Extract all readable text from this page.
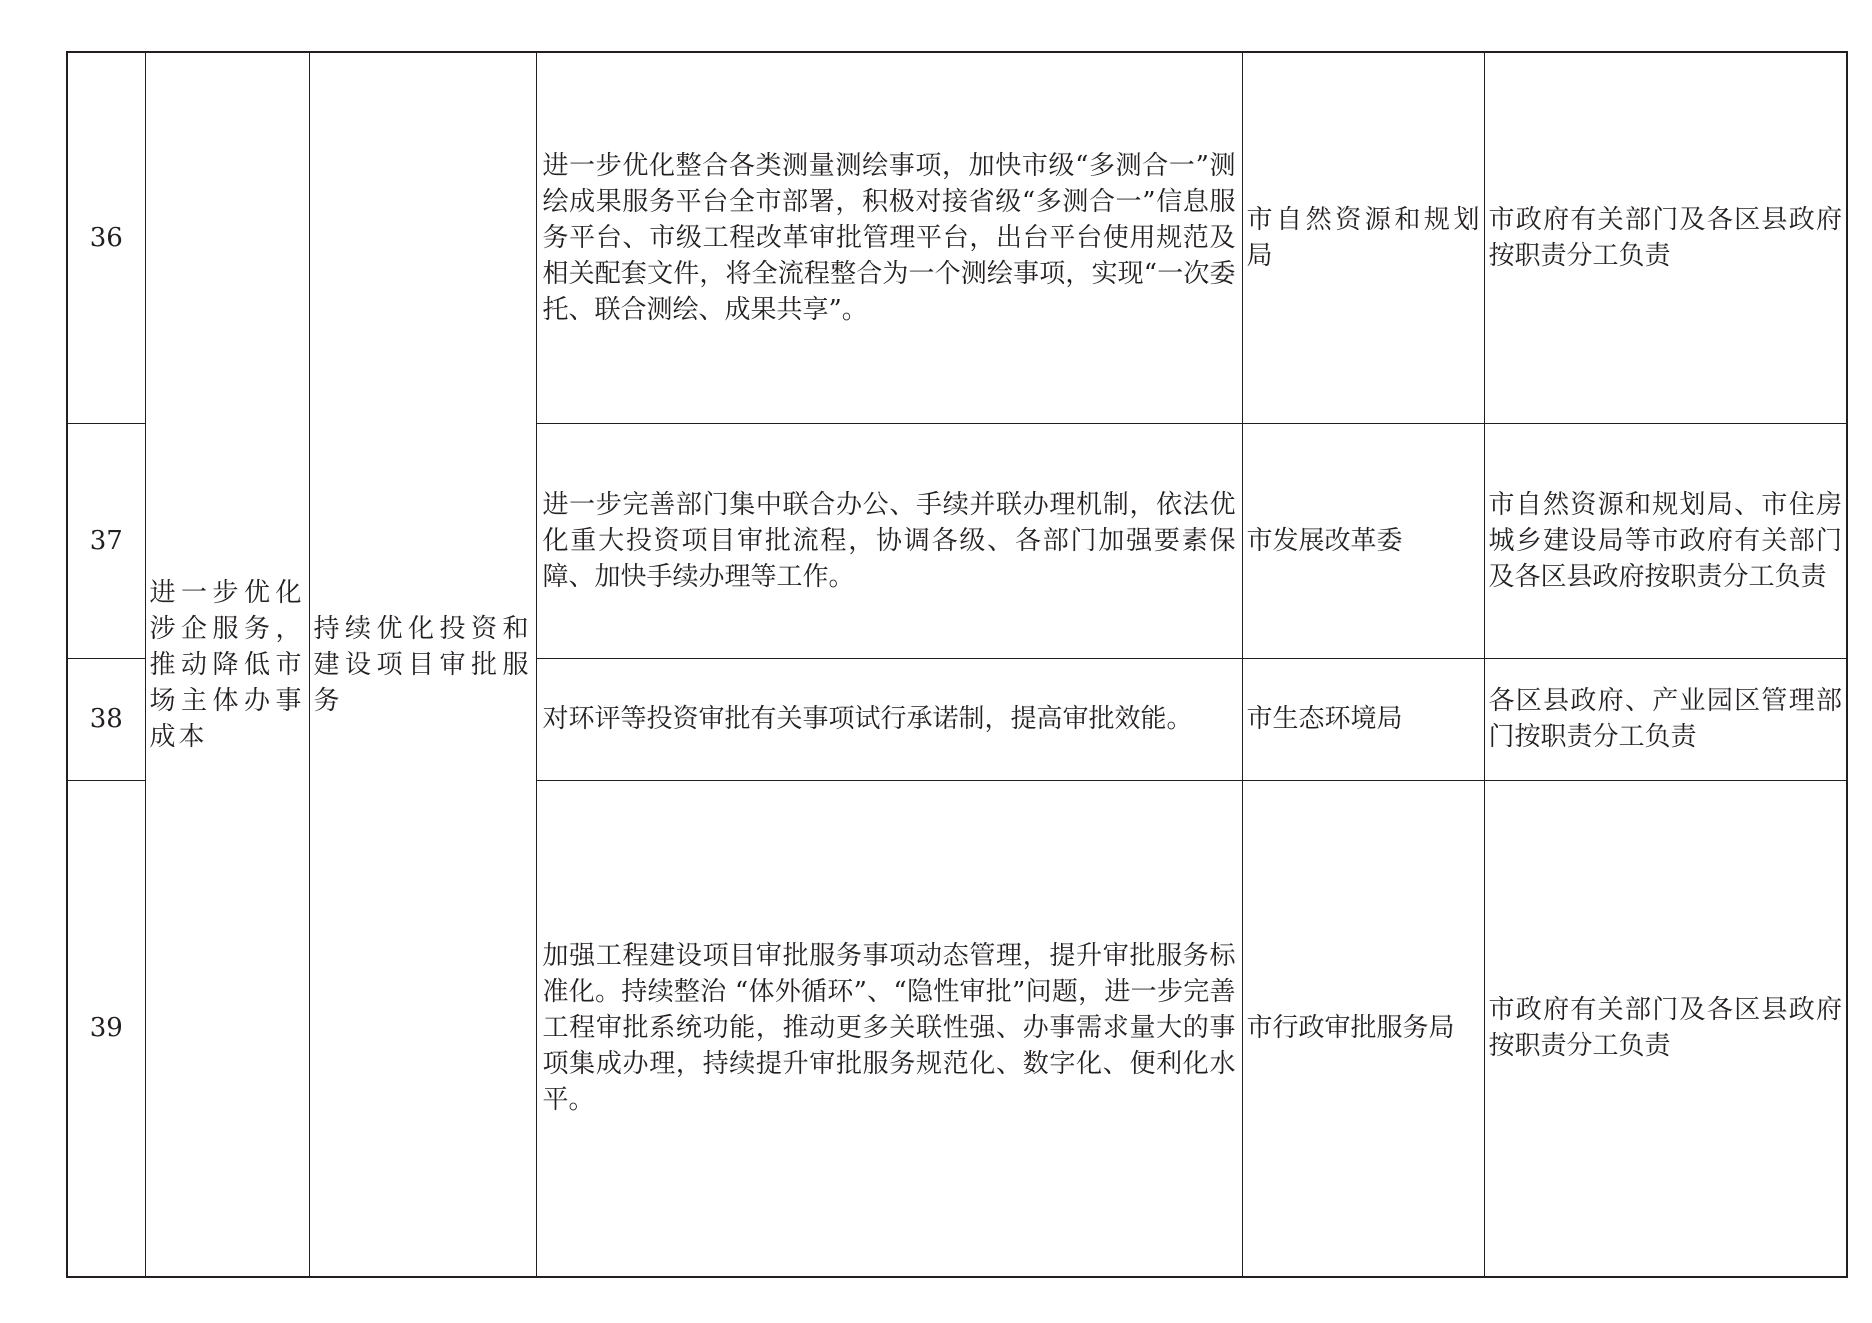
36	进一步优化涉企服务，推动降低市场主体办事成本	持续优化投资和建设项目审批服务	进一步优化整合各类测量测绘事项，加快市级“多测合一”测绘成果服务平台全市部署，积极对接省级“多测合一”信息服务平台、市级工程改革审批管理平台，出台平台使用规范及相关配套文件，将全流程整合为一个测绘事项，实现“一次委托、联合测绘、成果共享”。	市自然资源和规划局	市政府有关部门及各区县政府按职责分工负责
37			进一步完善部门集中联合办公、手续并联办理机制，依法优化重大投资项目审批流程，协调各级、各部门加强要素保障、加快手续办理等工作。	市发展改革委	市自然资源和规划局、市住房城乡建设局等市政府有关部门及各区县政府按职责分工负责
38			对环评等投资审批有关事项试行承诺制，提高审批效能。	市生态环境局	各区县政府、产业园区管理部门按职责分工负责
39			加强工程建设项目审批服务事项动态管理，提升审批服务标准化。持续整治 “体外循环”、“隐性审批”问题，进一步完善工程审批系统功能，推动更多关联性强、办事需求量大的事项集成办理，持续提升审批服务规范化、数字化、便利化水平。	市行政审批服务局	市政府有关部门及各区县政府按职责分工负责
